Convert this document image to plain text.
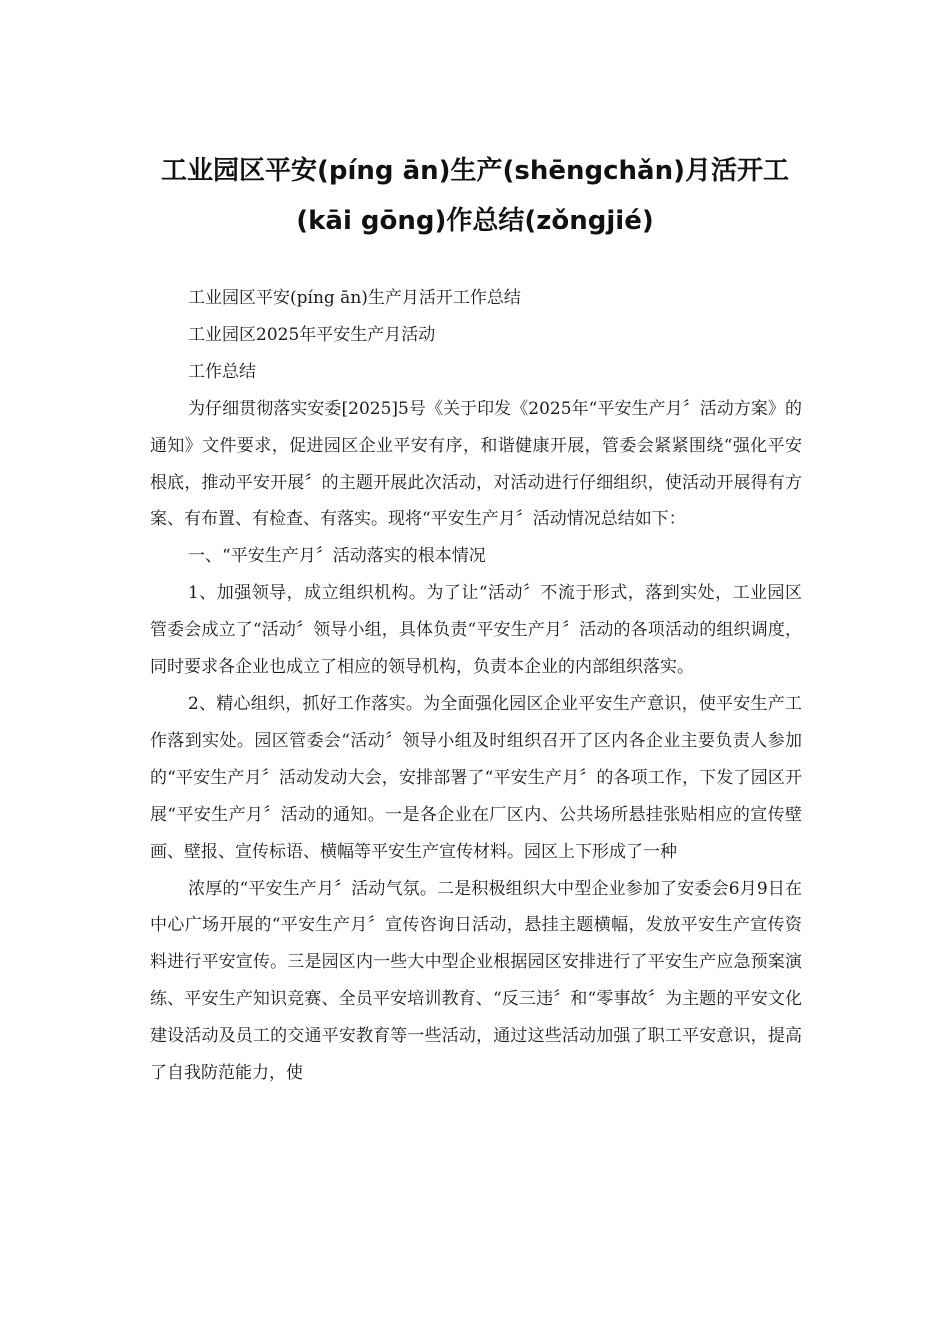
工业园区平安(píng ān)生产(shēngchǎn)月活开工(kāi gōng)作总结(zǒngjié)

工业园区平安(píng ān)生产月活开工作总结

工业园区2025年平安生产月活动

工作总结

为仔细贯彻落实安委[2025]5号《关于印发《2025年“平安生产月〞活动方案》的通知》文件要求，促进园区企业平安有序，和谐健康开展，管委会紧紧围绕“强化平安根底，推动平安开展〞的主题开展此次活动，对活动进行仔细组织，使活动开展得有方案、有布置、有检查、有落实。现将“平安生产月〞活动情况总结如下：

一、“平安生产月〞活动落实的根本情况

1、加强领导，成立组织机构。为了让“活动〞不流于形式，落到实处，工业园区管委会成立了“活动〞领导小组，具体负责“平安生产月〞活动的各项活动的组织调度，同时要求各企业也成立了相应的领导机构，负责本企业的内部组织落实。

2、精心组织，抓好工作落实。为全面强化园区企业平安生产意识，使平安生产工作落到实处。园区管委会“活动〞领导小组及时组织召开了区内各企业主要负责人参加的“平安生产月〞活动发动大会，安排部署了“平安生产月〞的各项工作，下发了园区开展“平安生产月〞活动的通知。一是各企业在厂区内、公共场所悬挂张贴相应的宣传壁画、壁报、宣传标语、横幅等平安生产宣传材料。园区上下形成了一种

浓厚的“平安生产月〞活动气氛。二是积极组织大中型企业参加了安委会6月9日在中心广场开展的“平安生产月〞宣传咨询日活动，悬挂主题横幅，发放平安生产宣传资料进行平安宣传。三是园区内一些大中型企业根据园区安排进行了平安生产应急预案演练、平安生产知识竞赛、全员平安培训教育、“反三违〞和“零事故〞为主题的平安文化建设活动及员工的交通平安教育等一些活动，通过这些活动加强了职工平安意识，提高了自我防范能力，使
